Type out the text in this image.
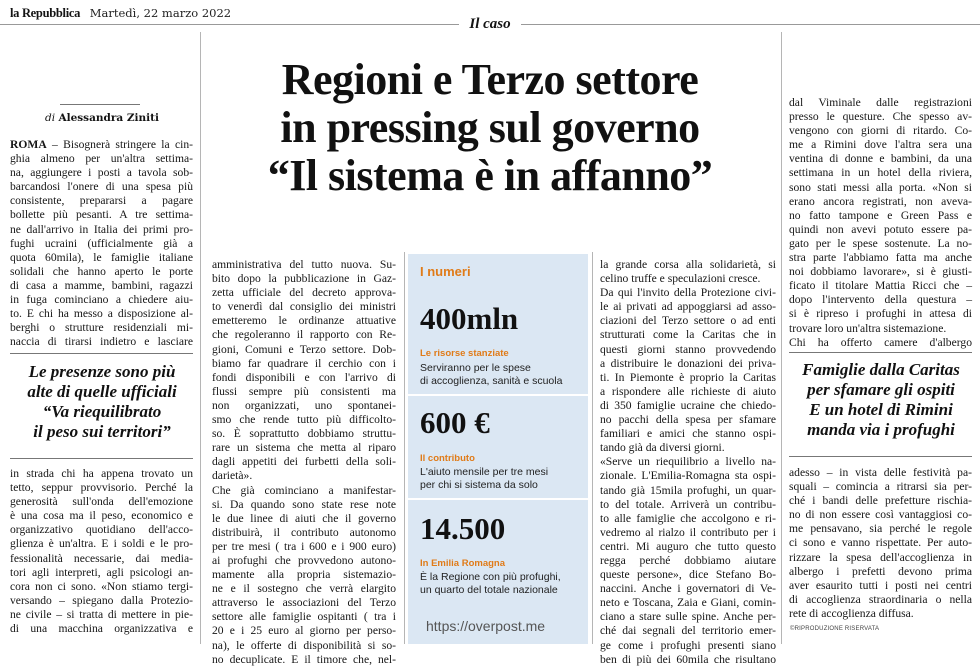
la Repubblica Martedì, 22 marzo 2022
Il caso
Regioni e Terzo settore
in pressing sul governo
“Il sistema è in affanno”
di Alessandra Ziniti
ROMA – Bisognerà stringere la cin-
ghia almeno per un'altra settima-
na, aggiungere i posti a tavola sob-
barcandosi l'onere di una spesa più
consistente, prepararsi a pagare
bollette più pesanti. A tre settima-
ne dall'arrivo in Italia dei primi pro-
fughi ucraini (ufficialmente già a
quota 60mila), le famiglie italiane
solidali che hanno aperto le porte
di casa a mamme, bambini, ragazzi
in fuga cominciano a chiedere aiu-
to. E chi ha messo a disposizione al-
berghi o strutture residenziali mi-
naccia di tirarsi indietro e lasciare
Le presenze sono più
alte di quelle ufficiali
“Va riequilibrato
il peso sui territori”
in strada chi ha appena trovato un
tetto, seppur provvisorio. Perché la
generosità sull'onda dell'emozione
è una cosa ma il peso, economico e
organizzativo quotidiano dell'acco-
glienza è un'altra. E i soldi e le pro-
fessionalità necessarie, dai media-
tori agli interpreti, agli psicologi an-
cora non ci sono. «Non stiamo tergi-
versando – spiegano dalla Protezio-
ne civile – si tratta di mettere in pie-
di una macchina organizzativa e
amministrativa del tutto nuova. Su-
bito dopo la pubblicazione in Gaz-
zetta ufficiale del decreto approva-
to venerdì dal consiglio dei ministri
emetteremo le ordinanze attuative
che regoleranno il rapporto con Re-
gioni, Comuni e Terzo settore. Dob-
biamo far quadrare il cerchio con i
fondi disponibili e con l'arrivo di
flussi sempre più consistenti ma
non organizzati, uno spontanei-
smo che rende tutto più difficolto-
so. È soprattutto dobbiamo struttu-
rare un sistema che metta al riparo
dagli appetiti dei furbetti della soli-
darietà».
Che già cominciano a manifestar-
si. Da quando sono state rese note
le due linee di aiuti che il governo
distribuirà, il contributo autonomo
per tre mesi ( tra i 600 e i 900 euro)
ai profughi che provvedono autono-
mamente alla propria sistemazio-
ne e il sostegno che verrà elargito
attraverso le associazioni del Terzo
settore alle famiglie ospitanti ( tra i
20 e i 25 euro al giorno per perso-
na), le offerte di disponibilità si so-
no decuplicate. E il timore che, nel-
I numeri
400mln
Le risorse stanziate
Serviranno per le spese
di accoglienza, sanità e scuola
600 €
Il contributo
L'aiuto mensile per tre mesi
per chi si sistema da solo
14.500
In Emilia Romagna
È la Regione con più profughi,
un quarto del totale nazionale
https://overpost.me
la grande corsa alla solidarietà, si
celino truffe e speculazioni cresce.
Da qui l'invito della Protezione civi-
le ai privati ad appoggiarsi ad asso-
ciazioni del Terzo settore o ad enti
strutturati come la Caritas che in
questi giorni stanno provvedendo
a distribuire le donazioni dei priva-
ti. In Piemonte è proprio la Caritas
a rispondere alle richieste di aiuto
di 350 famiglie ucraine che chiedo-
no pacchi della spesa per sfamare
familiari e amici che stanno ospi-
tando già da diversi giorni.
«Serve un riequilibrio a livello na-
zionale. L'Emilia-Romagna sta ospi-
tando già 15mila profughi, un quar-
to del totale. Arriverà un contribu-
to alle famiglie che accolgono e ri-
vedremo al rialzo il contributo per i
centri. Mi auguro che tutto questo
regga perché dobbiamo aiutare
queste persone», dice Stefano Bo-
naccini. Anche i governatori di Ve-
neto e Toscana, Zaia e Giani, comin-
ciano a stare sulle spine. Anche per-
ché dai segnali del territorio emer-
ge come i profughi presenti siano
ben di più dei 60mila che risultano
dal Viminale dalle registrazioni
presso le questure. Che spesso av-
vengono con giorni di ritardo. Co-
me a Rimini dove l'altra sera una
ventina di donne e bambini, da una
settimana in un hotel della riviera,
sono stati messi alla porta. «Non si
erano ancora registrati, non aveva-
no fatto tampone e Green Pass e
quindi non avevi potuto essere pa-
gato per le spese sostenute. La no-
stra parte l'abbiamo fatta ma anche
noi dobbiamo lavorare», si è giusti-
ficato il titolare Mattia Ricci che –
dopo l'intervento della questura –
si è ripreso i profughi in attesa di
trovare loro un'altra sistemazione.
Chi ha offerto camere d'albergo
Famiglie dalla Caritas
per sfamare gli ospiti
E un hotel di Rimini
manda via i profughi
adesso – in vista delle festività pa-
squali – comincia a ritrarsi sia per-
ché i bandi delle prefetture rischia-
no di non essere così vantaggiosi co-
me pensavano, sia perché le regole
ci sono e vanno rispettate. Per auto-
rizzare la spesa dell'accoglienza in
albergo i prefetti devono prima
aver esaurito tutti i posti nei centri
di accoglienza straordinaria o nella
rete di accoglienza diffusa.
©RIPRODUZIONE RISERVATA
